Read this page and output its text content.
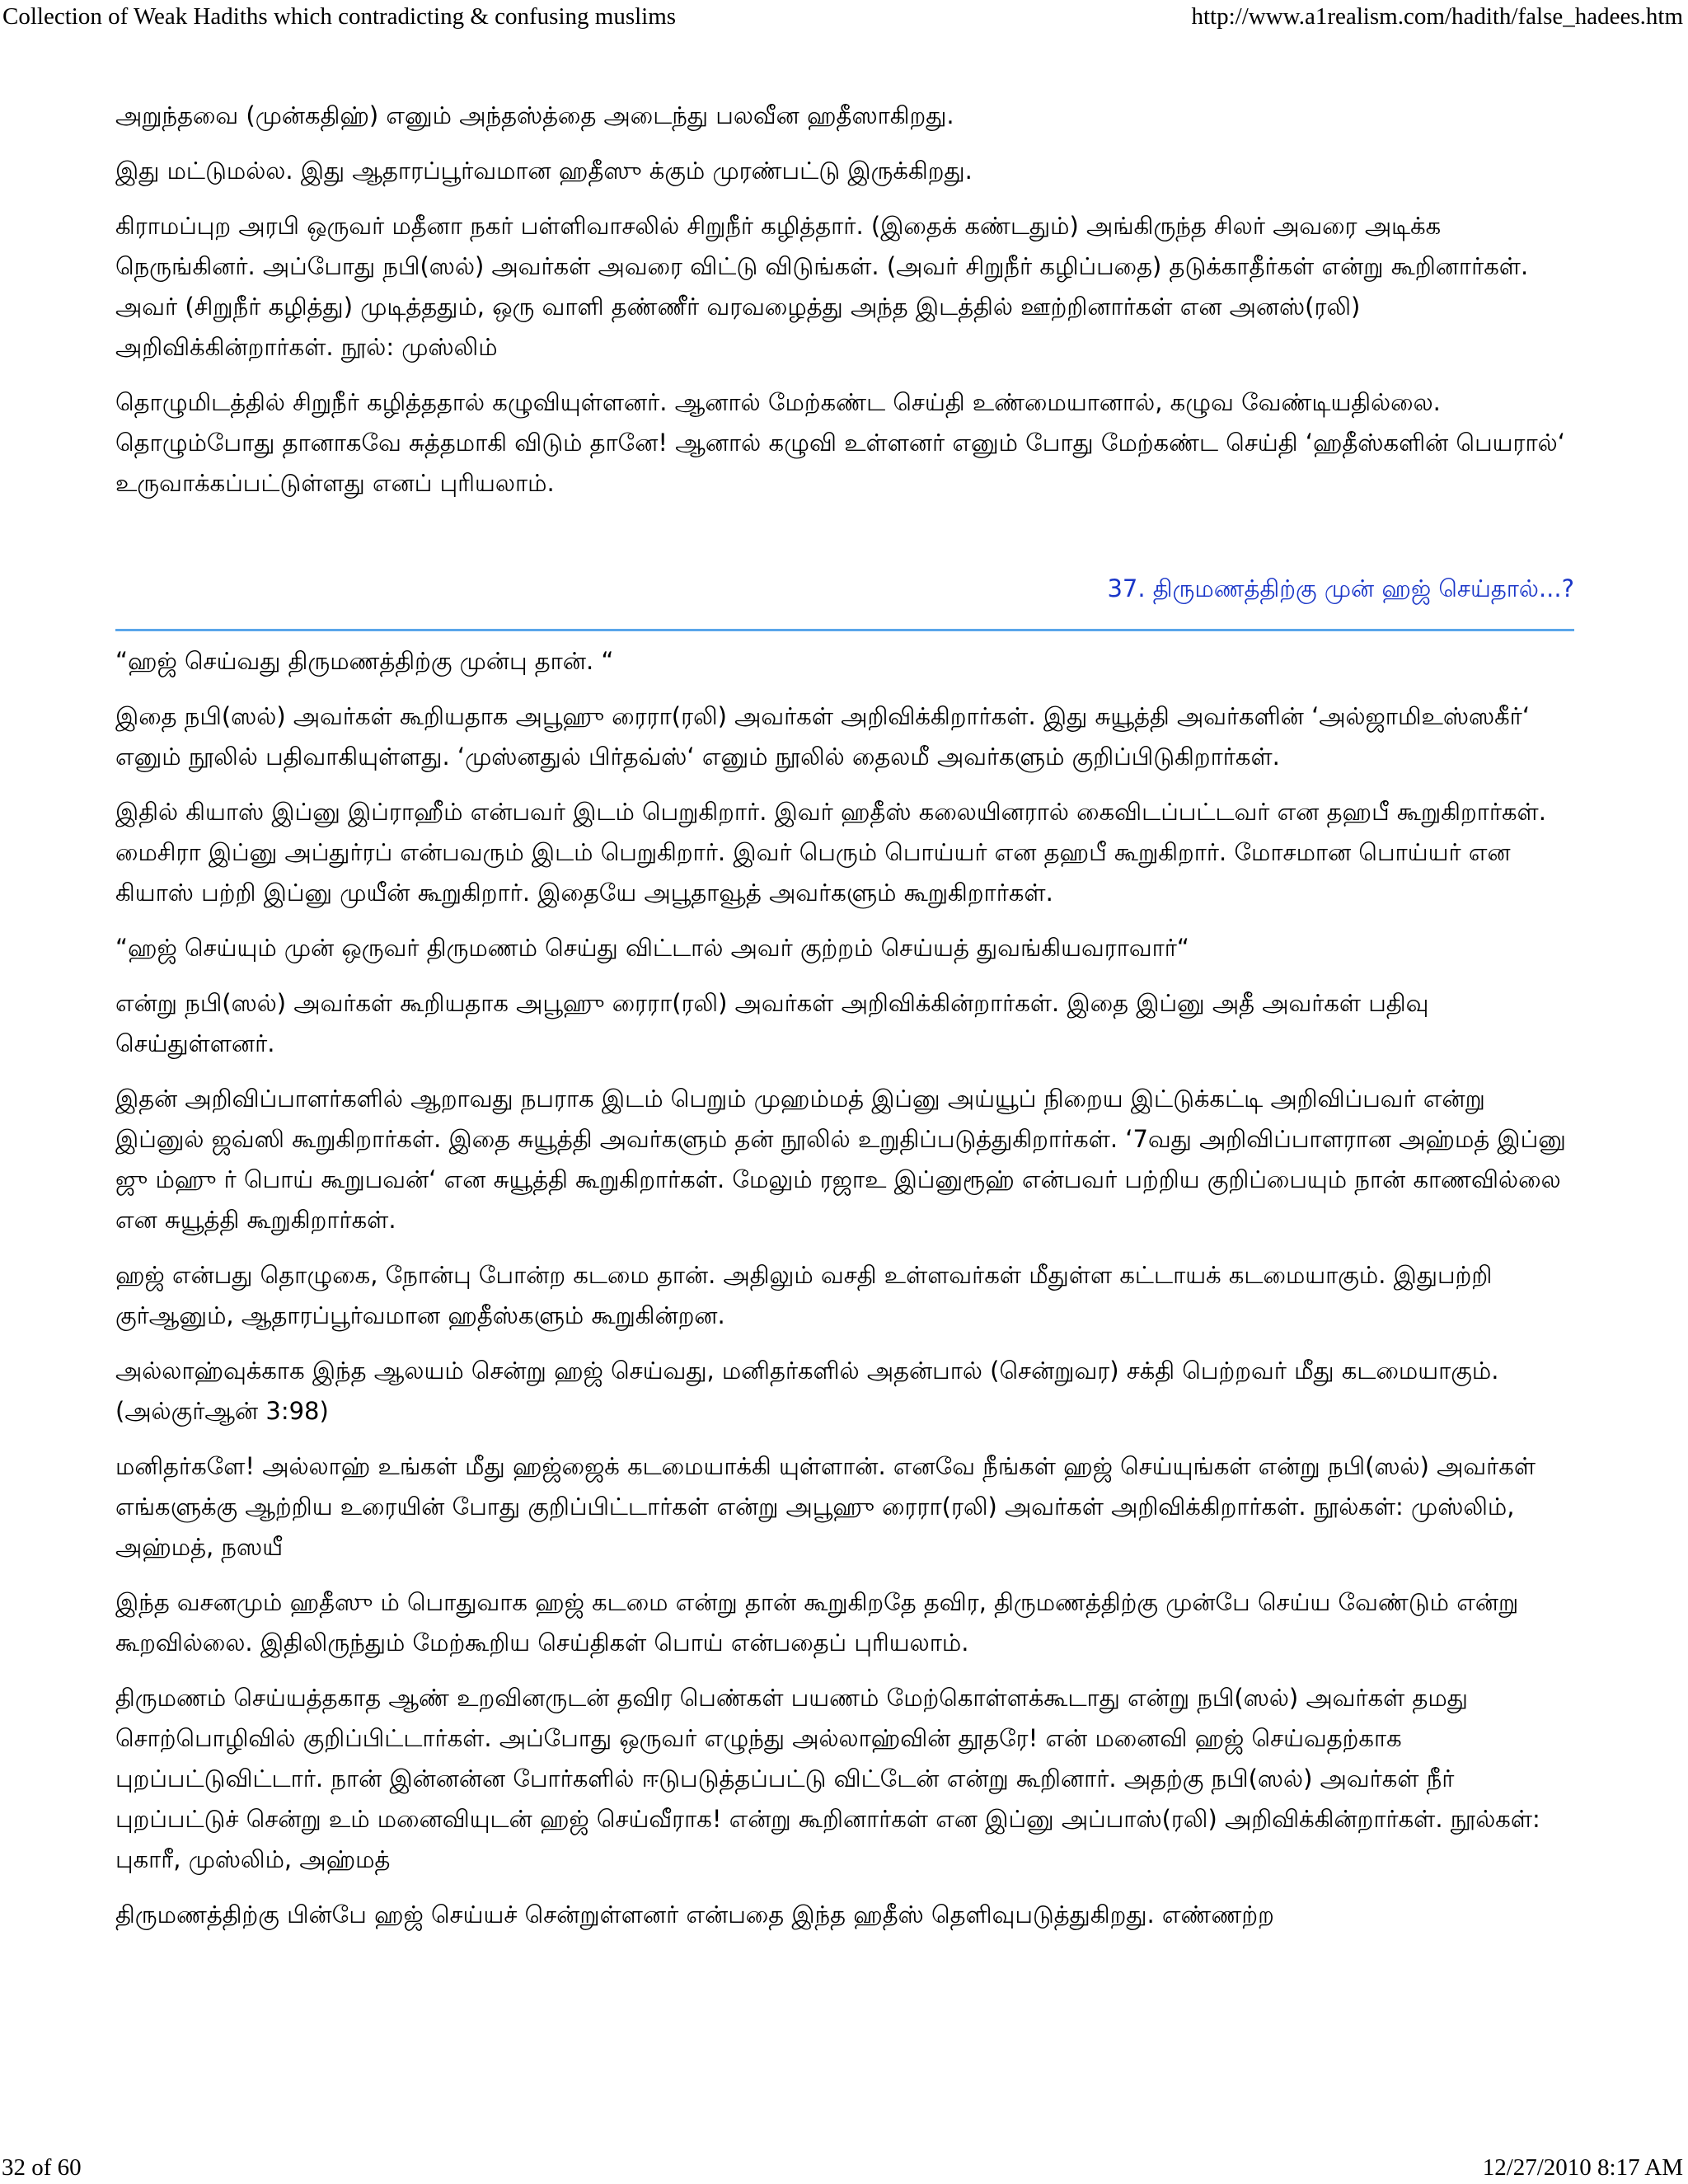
Collection of Weak Hadiths which contradicting & confusing muslims	http://www.a1realism.com/hadith/false_hadees.htm

அறுந்தவை (முன்கதிஹ்) எனும் அந்தஸ்த்தை அடைந்து பலவீன ஹதீஸாகிறது.

இது மட்டுமல்ல. இது ஆதாரப்பூர்வமான ஹதீஸு க்கும் முரண்பட்டு இருக்கிறது.

கிராமப்புற அரபி ஒருவர் மதீனா நகர் பள்ளிவாசலில் சிறுநீர் கழித்தார். (இதைக் கண்டதும்) அங்கிருந்த சிலர் அவரை அடிக்க நெருங்கினர். அப்போது நபி(ஸல்) அவர்கள் அவரை விட்டு விடுங்கள். (அவர் சிறுநீர் கழிப்பதை) தடுக்காதீர்கள் என்று கூறினார்கள். அவர் (சிறுநீர் கழித்து) முடித்ததும், ஒரு வாளி தண்ணீர் வரவழைத்து அந்த இடத்தில் ஊற்றினார்கள் என அனஸ்(ரலி) அறிவிக்கின்றார்கள். நூல்: முஸ்லிம்

தொழுமிடத்தில் சிறுநீர் கழித்ததால் கழுவியுள்ளனர். ஆனால் மேற்கண்ட செய்தி உண்மையானால், கழுவ வேண்டியதில்லை. தொழும்போது தானாகவே சுத்தமாகி விடும் தானே! ஆனால் கழுவி உள்ளனர் எனும் போது மேற்கண்ட செய்தி ‘ஹதீஸ்களின் பெயரால்‘ உருவாக்கப்பட்டுள்ளது எனப் புரியலாம்.

37. திருமணத்திற்கு முன் ஹஜ் செய்தால்...?

“ஹஜ் செய்வது திருமணத்திற்கு முன்பு தான். “

இதை நபி(ஸல்) அவர்கள் கூறியதாக அபூஹு ரைரா(ரலி) அவர்கள் அறிவிக்கிறார்கள். இது சுயூத்தி அவர்களின் ‘அல்ஜாமிஉஸ்ஸகீர்‘ எனும் நூலில் பதிவாகியுள்ளது. ‘முஸ்னதுல் பிர்தவ்ஸ்‘ எனும் நூலில் தைலமீ அவர்களும் குறிப்பிடுகிறார்கள்.

இதில் கியாஸ் இப்னு இப்ராஹீம் என்பவர் இடம் பெறுகிறார். இவர் ஹதீஸ் கலையினரால் கைவிடப்பட்டவர் என தஹபீ கூறுகிறார்கள். மைசிரா இப்னு அப்துர்ரப் என்பவரும் இடம் பெறுகிறார். இவர் பெரும் பொய்யர் என தஹபீ கூறுகிறார். மோசமான பொய்யர் என கியாஸ் பற்றி இப்னு முயீன் கூறுகிறார். இதையே அபூதாவூத் அவர்களும் கூறுகிறார்கள்.

“ஹஜ் செய்யும் முன் ஒருவர் திருமணம் செய்து விட்டால் அவர் குற்றம் செய்யத் துவங்கியவராவார்“

என்று நபி(ஸல்) அவர்கள் கூறியதாக அபூஹு ரைரா(ரலி) அவர்கள் அறிவிக்கின்றார்கள். இதை இப்னு அதீ அவர்கள் பதிவு செய்துள்ளனர்.

இதன் அறிவிப்பாளர்களில் ஆறாவது நபராக இடம் பெறும் முஹம்மத் இப்னு அய்யூப் நிறைய இட்டுக்கட்டி அறிவிப்பவர் என்று இப்னுல் ஜவ்ஸி கூறுகிறார்கள். இதை சுயூத்தி அவர்களும் தன் நூலில் உறுதிப்படுத்துகிறார்கள். ‘7வது அறிவிப்பாளரான அஹ்மத் இப்னு ஜு ம்ஹு ர் பொய் கூறுபவன்‘ என சுயூத்தி கூறுகிறார்கள். மேலும் ரஜாஉ இப்னுரூஹ் என்பவர் பற்றிய குறிப்பையும் நான் காணவில்லை என சுயூத்தி கூறுகிறார்கள்.

ஹஜ் என்பது தொழுகை, நோன்பு போன்ற கடமை தான். அதிலும் வசதி உள்ளவர்கள் மீதுள்ள கட்டாயக் கடமையாகும். இதுபற்றி குர்ஆனும், ஆதாரப்பூர்வமான ஹதீஸ்களும் கூறுகின்றன.

அல்லாஹ்வுக்காக இந்த ஆலயம் சென்று ஹஜ் செய்வது, மனிதர்களில் அதன்பால் (சென்றுவர) சக்தி பெற்றவர் மீது கடமையாகும். (அல்குர்ஆன் 3:98)

மனிதர்களே! அல்லாஹ் உங்கள் மீது ஹஜ்ஜைக் கடமையாக்கி யுள்ளான். எனவே நீங்கள் ஹஜ் செய்யுங்கள் என்று நபி(ஸல்) அவர்கள் எங்களுக்கு ஆற்றிய உரையின் போது குறிப்பிட்டார்கள் என்று அபூஹு ரைரா(ரலி) அவர்கள் அறிவிக்கிறார்கள். நூல்கள்: முஸ்லிம், அஹ்மத், நஸயீ

இந்த வசனமும் ஹதீஸு ம் பொதுவாக ஹஜ் கடமை என்று தான் கூறுகிறதே தவிர, திருமணத்திற்கு முன்பே செய்ய வேண்டும் என்று கூறவில்லை. இதிலிருந்தும் மேற்கூறிய செய்திகள் பொய் என்பதைப் புரியலாம்.

திருமணம் செய்யத்தகாத ஆண் உறவினருடன் தவிர பெண்கள் பயணம் மேற்கொள்ளக்கூடாது என்று நபி(ஸல்) அவர்கள் தமது சொற்பொழிவில் குறிப்பிட்டார்கள். அப்போது ஒருவர் எழுந்து அல்லாஹ்வின் தூதரே! என் மனைவி ஹஜ் செய்வதற்காக புறப்பட்டுவிட்டார். நான் இன்னன்ன போர்களில் ஈடுபடுத்தப்பட்டு விட்டேன் என்று கூறினார். அதற்கு நபி(ஸல்) அவர்கள் நீர் புறப்பட்டுச் சென்று உம் மனைவியுடன் ஹஜ் செய்வீராக! என்று கூறினார்கள் என இப்னு அப்பாஸ்(ரலி) அறிவிக்கின்றார்கள். நூல்கள்: புகாரீ, முஸ்லிம், அஹ்மத்

திருமணத்திற்கு பின்பே ஹஜ் செய்யச் சென்றுள்ளனர் என்பதை இந்த ஹதீஸ் தெளிவுபடுத்துகிறது. எண்ணற்ற

32 of 60	12/27/2010 8:17 AM
